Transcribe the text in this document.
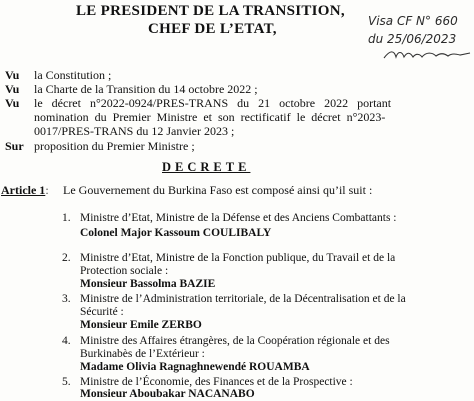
LE PRESIDENT DE LA TRANSITION,
CHEF DE L’ETAT,	Visa CF N° 660
du 25/06/2023
Vu la Constitution ;
Vu la Charte de la Transition du 14 octobre 2022 ;
Vu le   décret   n°2022-0924/PRES-TRANS   du   21   octobre   2022   portant
nomination  du  Premier  Ministre  et  son  rectificatif  le  décret  n°2023-
0017/PRES-TRANS du 12 Janvier 2023 ;
Sur proposition du Premier Ministre ;
DECRETE
Article 1: Le Gouvernement du Burkina Faso est composé ainsi qu’il suit :
1. Ministre d’Etat, Ministre de la Défense et des Anciens Combattants :
Colonel Major Kassoum COULIBALY
2. Ministre d’Etat, Ministre de la Fonction publique, du Travail et de la
Protection sociale :
Monsieur Bassolma BAZIE
3. Ministre de l’Administration territoriale, de la Décentralisation et de la
Sécurité :
Monsieur Emile ZERBO
4. Ministre des Affaires étrangères, de la Coopération régionale et des
Burkinabès de l’Extérieur :
Madame Olivia Ragnaghnewendé ROUAMBA
5. Ministre de l’Économie, des Finances et de la Prospective :
Monsieur Aboubakar NACANABO
